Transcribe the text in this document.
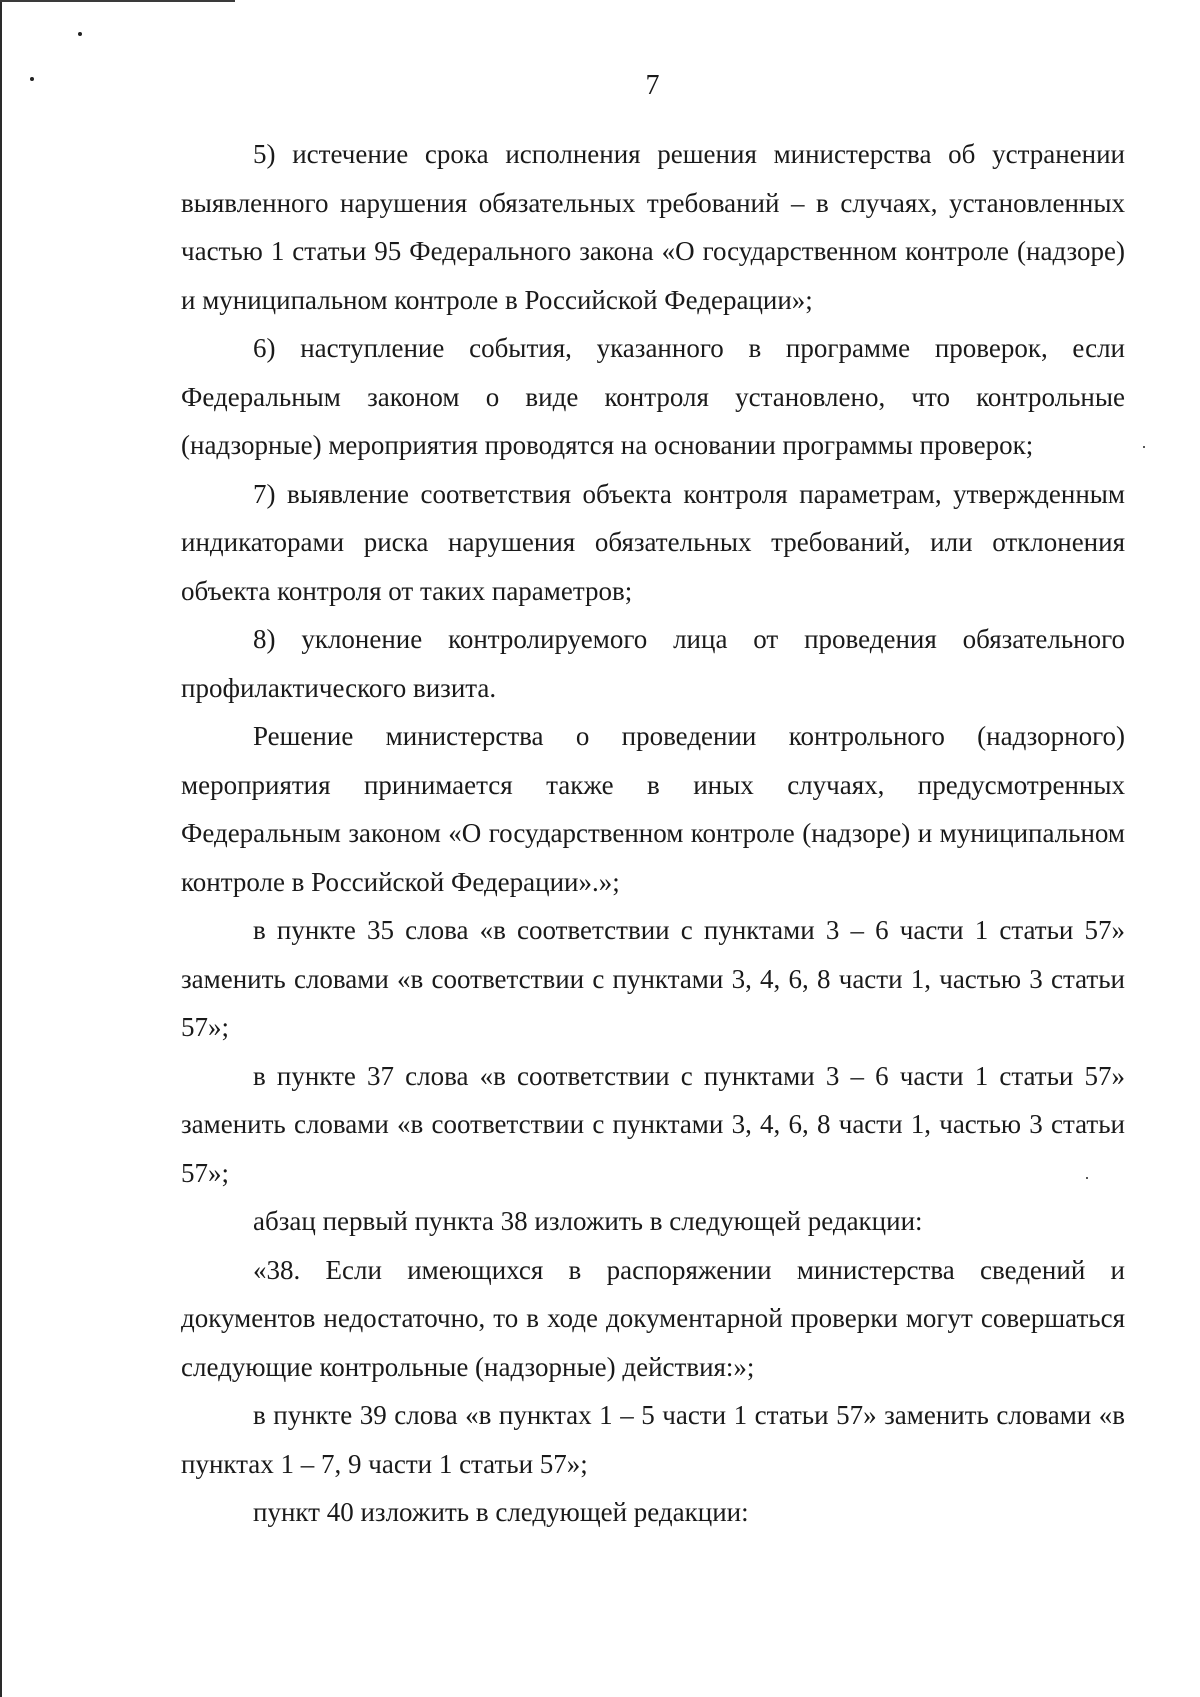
7

5) истечение срока исполнения решения министерства об устранении выявленного нарушения обязательных требований – в случаях, установленных частью 1 статьи 95 Федерального закона «О государственном контроле (надзоре) и муниципальном контроле в Российской Федерации»;

6) наступление события, указанного в программе проверок, если Федеральным законом о виде контроля установлено, что контрольные (надзорные) мероприятия проводятся на основании программы проверок;

7) выявление соответствия объекта контроля параметрам, утвержденным индикаторами риска нарушения обязательных требований, или отклонения объекта контроля от таких параметров;

8) уклонение контролируемого лица от проведения обязательного профилактического визита.

Решение министерства о проведении контрольного (надзорного) мероприятия принимается также в иных случаях, предусмотренных Федеральным законом «О государственном контроле (надзоре) и муниципальном контроле в Российской Федерации».»;

в пункте 35 слова «в соответствии с пунктами 3 – 6 части 1 статьи 57» заменить словами «в соответствии с пунктами 3, 4, 6, 8 части 1, частью 3 статьи 57»;

в пункте 37 слова «в соответствии с пунктами 3 – 6 части 1 статьи 57» заменить словами «в соответствии с пунктами 3, 4, 6, 8 части 1, частью 3 статьи 57»;

абзац первый пункта 38 изложить в следующей редакции:

«38. Если имеющихся в распоряжении министерства сведений и документов недостаточно, то в ходе документарной проверки могут совершаться следующие контрольные (надзорные) действия:»;

в пункте 39 слова «в пунктах 1 – 5 части 1 статьи 57» заменить словами «в пунктах 1 – 7, 9 части 1 статьи 57»;

пункт 40 изложить в следующей редакции:
